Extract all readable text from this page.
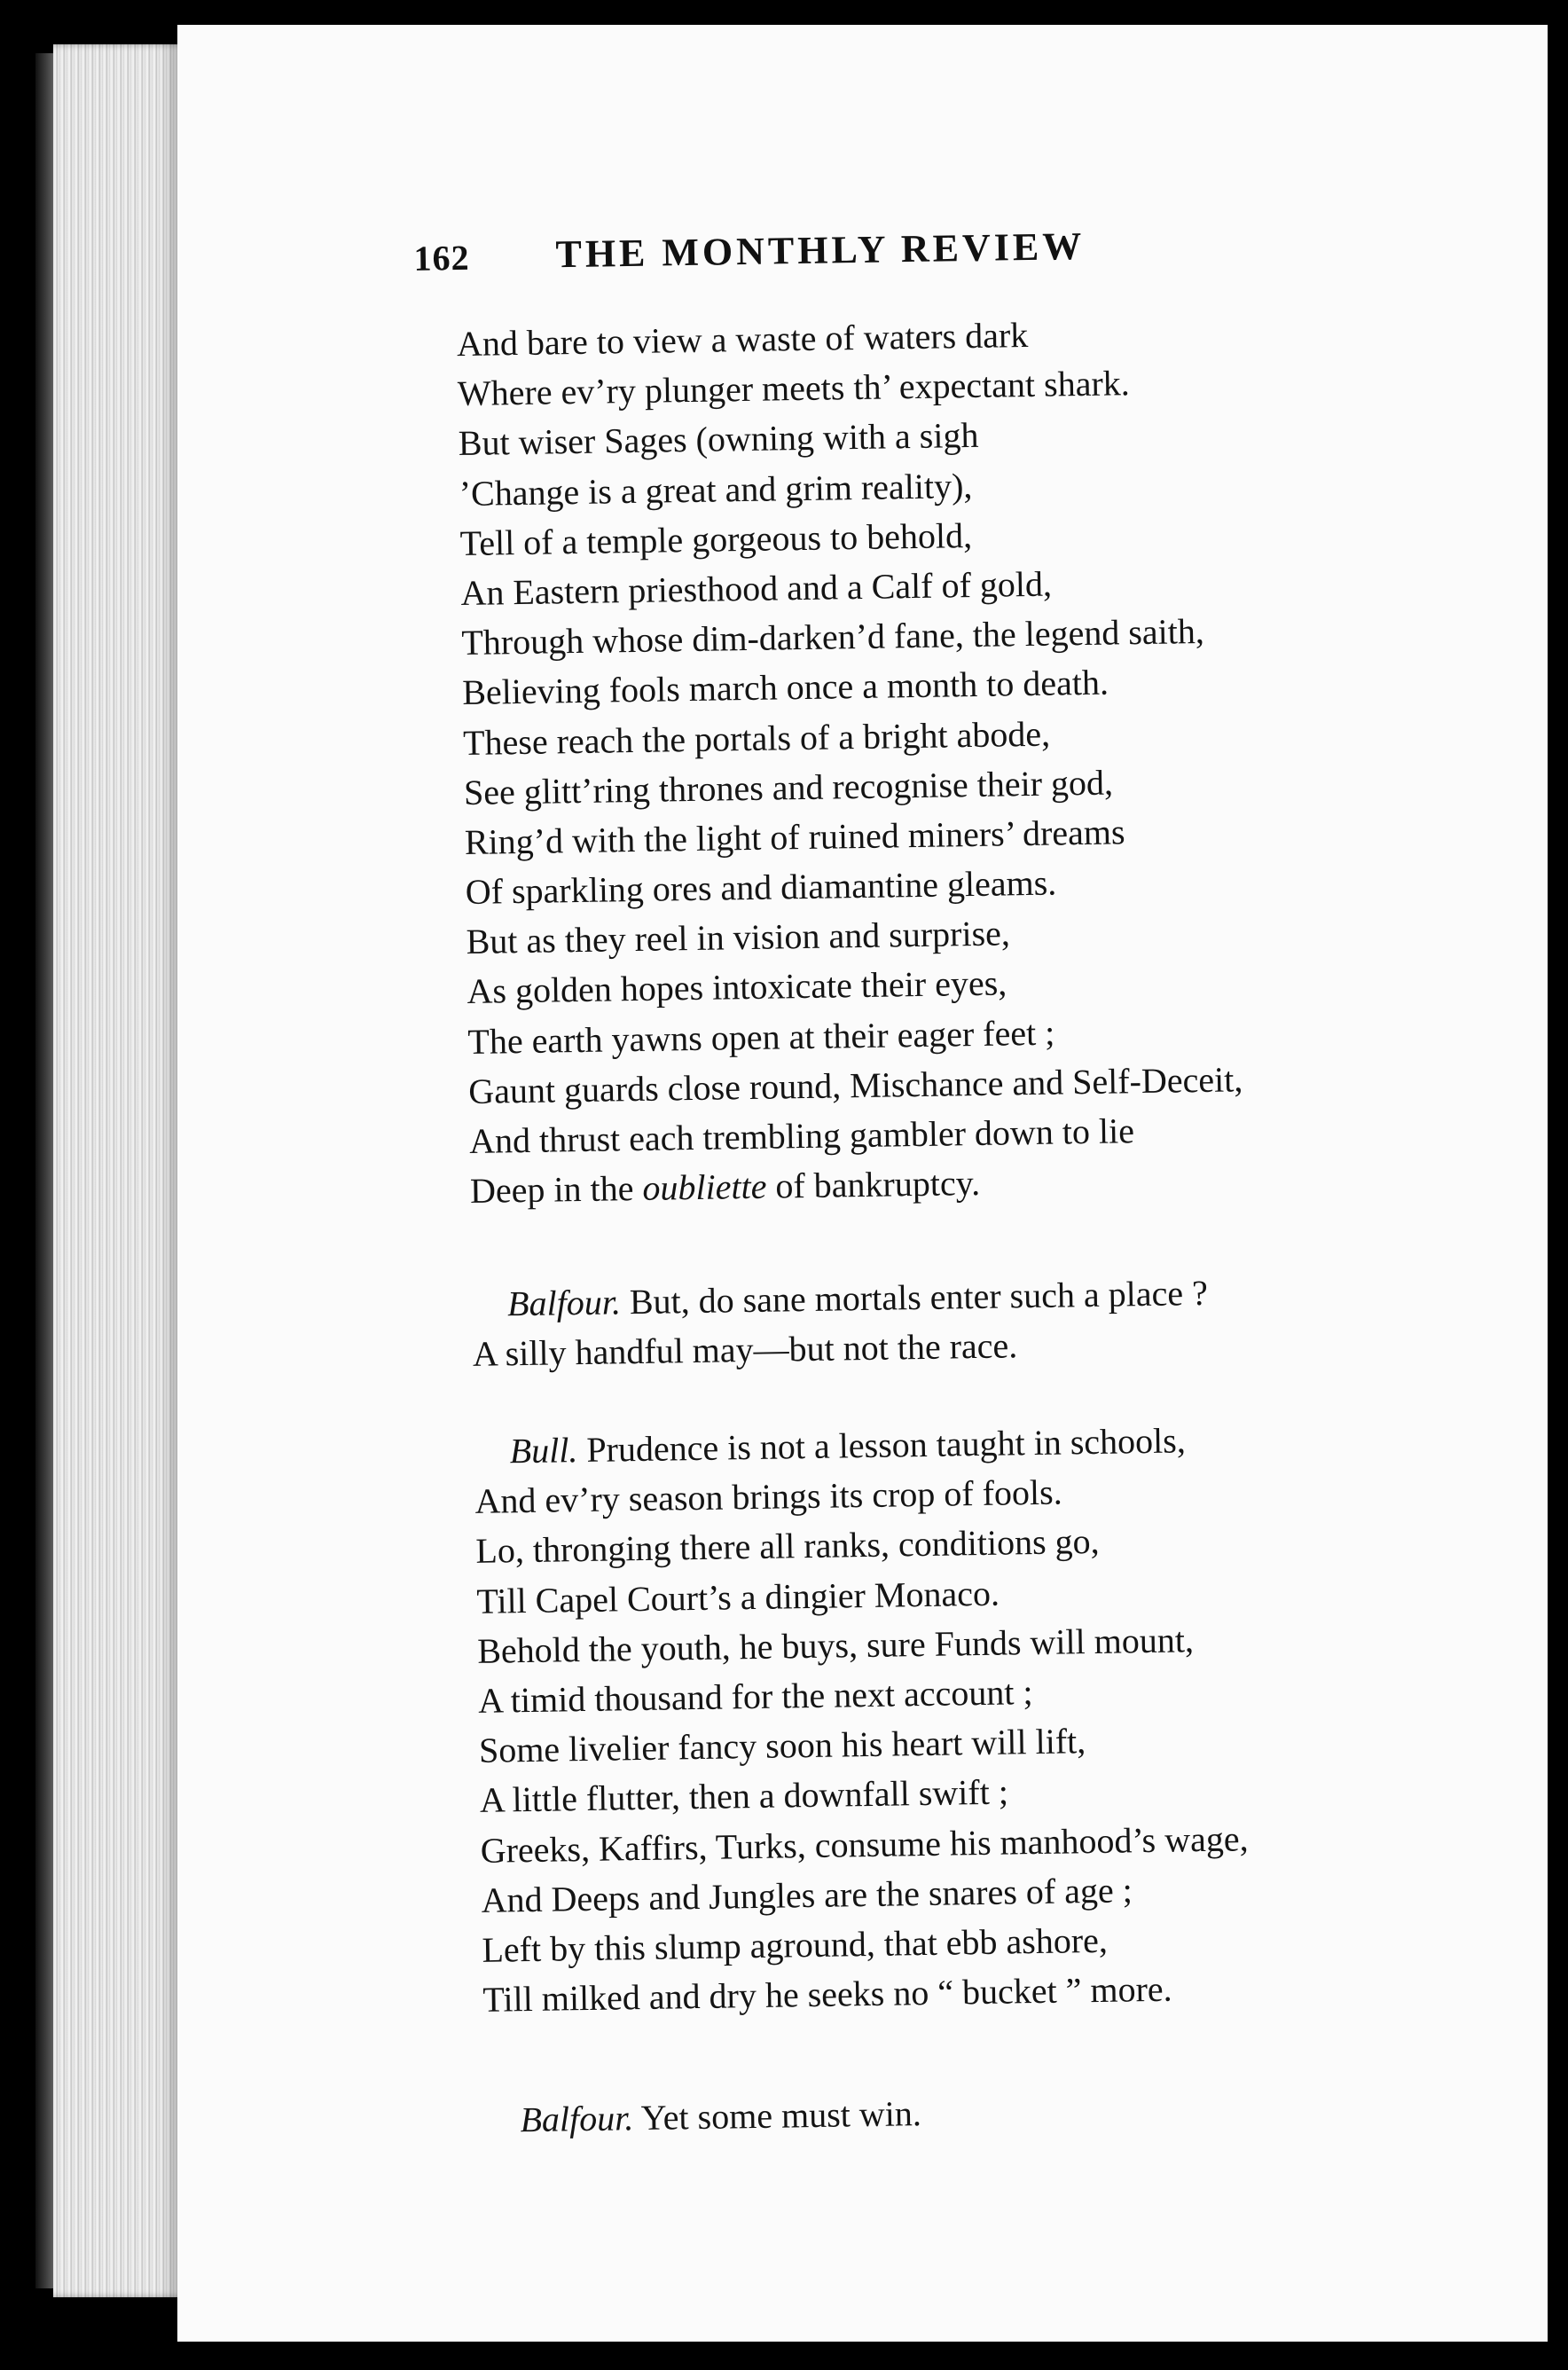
162 THE MONTHLY REVIEW
And bare to view a waste of waters dark
Where ev’ry plunger meets th’ expectant shark.
But wiser Sages (owning with a sigh
’Change is a great and grim reality),
Tell of a temple gorgeous to behold,
An Eastern priesthood and a Calf of gold,
Through whose dim-darken’d fane, the legend saith,
Believing fools march once a month to death.
These reach the portals of a bright abode,
See glitt’ring thrones and recognise their god,
Ring’d with the light of ruined miners’ dreams
Of sparkling ores and diamantine gleams.
But as they reel in vision and surprise,
As golden hopes intoxicate their eyes,
The earth yawns open at their eager feet ;
Gaunt guards close round, Mischance and Self-Deceit,
And thrust each trembling gambler down to lie
Deep in the oubliette of bankruptcy.
Balfour. But, do sane mortals enter such a place ?
A silly handful may—but not the race.
Bull. Prudence is not a lesson taught in schools,
And ev’ry season brings its crop of fools.
Lo, thronging there all ranks, conditions go,
Till Capel Court’s a dingier Monaco.
Behold the youth, he buys, sure Funds will mount,
A timid thousand for the next account ;
Some livelier fancy soon his heart will lift,
A little flutter, then a downfall swift ;
Greeks, Kaffirs, Turks, consume his manhood’s wage,
And Deeps and Jungles are the snares of age ;
Left by this slump aground, that ebb ashore,
Till milked and dry he seeks no “ bucket ” more.
Balfour. Yet some must win.
